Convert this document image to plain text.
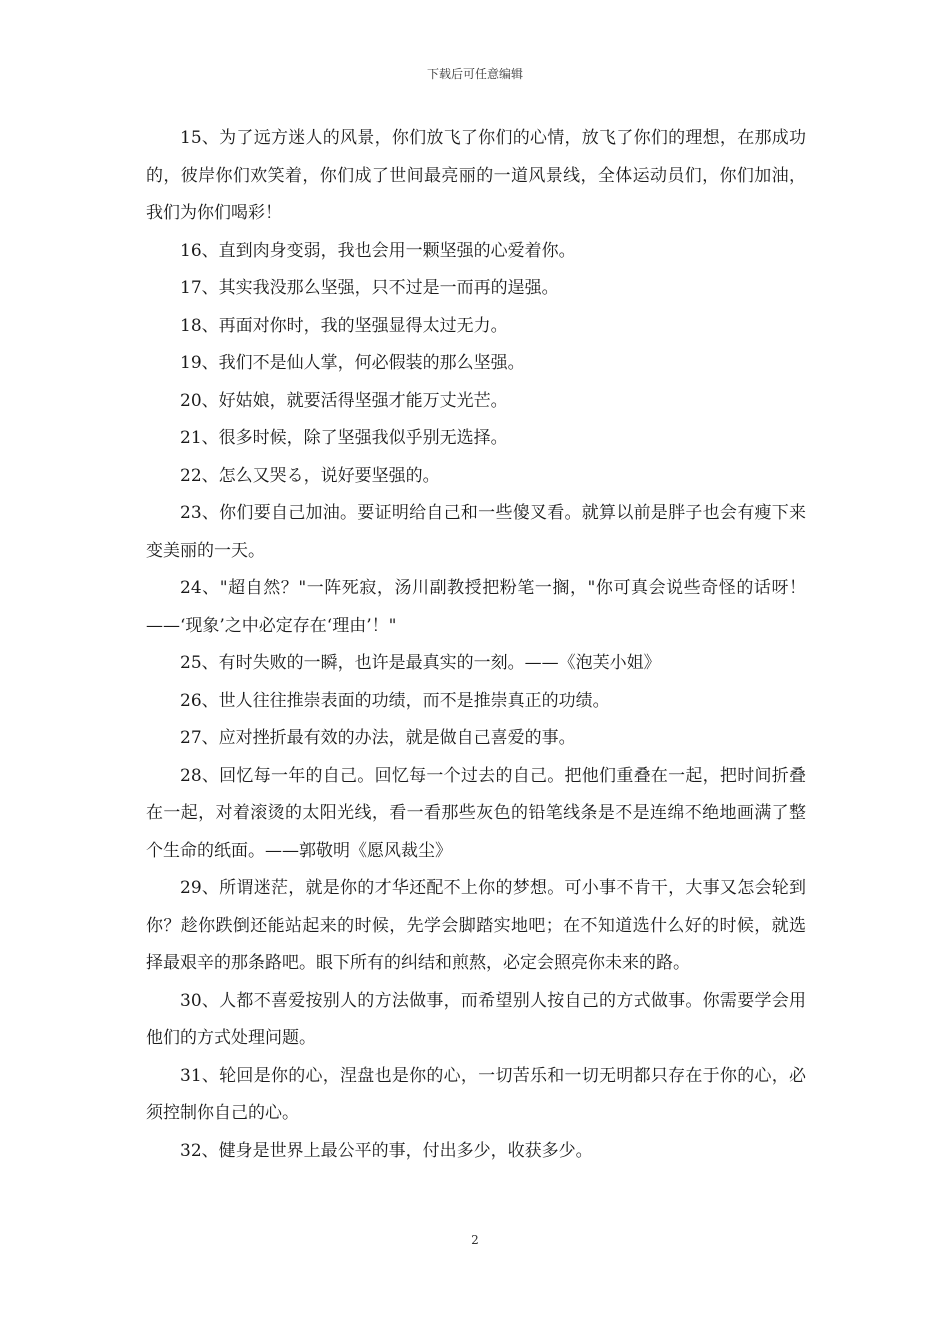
下载后可任意编辑

15、为了远方迷人的风景，你们放飞了你们的心情，放飞了你们的理想，在那成功的，彼岸你们欢笑着，你们成了世间最亮丽的一道风景线，全体运动员们，你们加油，我们为你们喝彩！

16、直到肉身变弱，我也会用一颗坚强的心爱着你。

17、其实我没那么坚强，只不过是一而再的逞强。

18、再面对你时，我的坚强显得太过无力。

19、我们不是仙人掌，何必假装的那么坚强。

20、好姑娘，就要活得坚强才能万丈光芒。

21、很多时候，除了坚强我似乎别无选择。

22、怎么又哭る，说好要坚强的。

23、你们要自己加油。要证明给自己和一些傻叉看。就算以前是胖子也会有瘦下来变美丽的一天。

24、"超自然？"一阵死寂，汤川副教授把粉笔一搁，"你可真会说些奇怪的话呀！——‘现象’之中必定存在‘理由’！"

25、有时失败的一瞬，也许是最真实的一刻。——《泡芙小姐》

26、世人往往推崇表面的功绩，而不是推崇真正的功绩。

27、应对挫折最有效的办法，就是做自己喜爱的事。

28、回忆每一年的自己。回忆每一个过去的自己。把他们重叠在一起，把时间折叠在一起，对着滚烫的太阳光线，看一看那些灰色的铅笔线条是不是连绵不绝地画满了整个生命的纸面。——郭敬明《愿风裁尘》

29、所谓迷茫，就是你的才华还配不上你的梦想。可小事不肯干，大事又怎会轮到你？趁你跌倒还能站起来的时候，先学会脚踏实地吧；在不知道选什么好的时候，就选择最艰辛的那条路吧。眼下所有的纠结和煎熬，必定会照亮你未来的路。

30、人都不喜爱按别人的方法做事，而希望别人按自己的方式做事。你需要学会用他们的方式处理问题。

31、轮回是你的心，涅盘也是你的心，一切苦乐和一切无明都只存在于你的心，必须控制你自己的心。

32、健身是世界上最公平的事，付出多少，收获多少。

2
